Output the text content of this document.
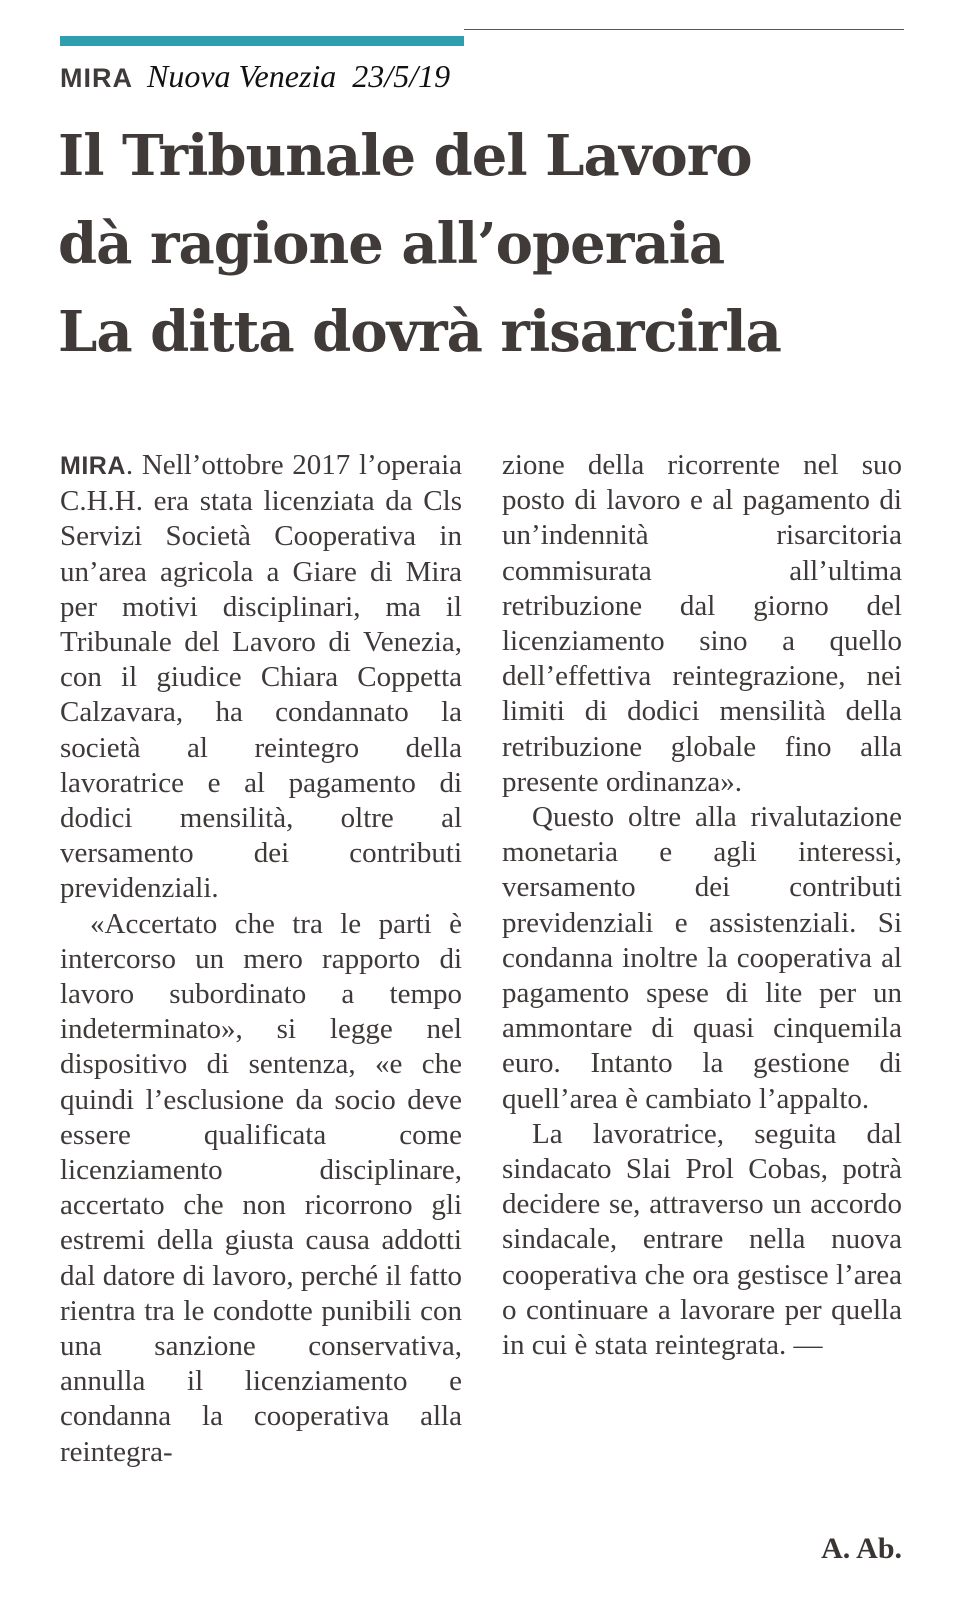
MIRA Nuova Venezia 23/5/19
Il Tribunale del Lavoro
dà ragione all’operaia
La ditta dovrà risarcirla

MIRA. Nell’ottobre 2017 l’operaia C.H.H. era stata licenziata da Cls Servizi Società Cooperativa in un’area agricola a Giare di Mira per motivi disciplinari, ma il Tribunale del Lavoro di Venezia, con il giudice Chiara Coppetta Calzavara, ha condannato la società al reintegro della lavoratrice e al pagamento di dodici mensilità, oltre al versamento dei contributi previdenziali.

«Accertato che tra le parti è intercorso un mero rapporto di lavoro subordinato a tempo indeterminato», si legge nel dispositivo di sentenza, «e che quindi l’esclusione da socio deve essere qualificata come licenziamento disciplinare, accertato che non ricorrono gli estremi della giusta causa addotti dal datore di lavoro, perché il fatto rientra tra le condotte punibili con una sanzione conservativa, annulla il licenziamento e condanna la cooperativa alla reintegra-

zione della ricorrente nel suo posto di lavoro e al pagamento di un’indennità risarcitoria commisurata all’ultima retribuzione dal giorno del licenziamento sino a quello dell’effettiva reintegrazione, nei limiti di dodici mensilità della retribuzione globale fino alla presente ordinanza».

Questo oltre alla rivalutazione monetaria e agli interessi, versamento dei contributi previdenziali e assistenziali. Si condanna inoltre la cooperativa al pagamento spese di lite per un ammontare di quasi cinquemila euro. Intanto la gestione di quell’area è cambiato l’appalto.

La lavoratrice, seguita dal sindacato Slai Prol Cobas, potrà decidere se, attraverso un accordo sindacale, entrare nella nuova cooperativa che ora gestisce l’area o continuare a lavorare per quella in cui è stata reintegrata. —

A. Ab.
